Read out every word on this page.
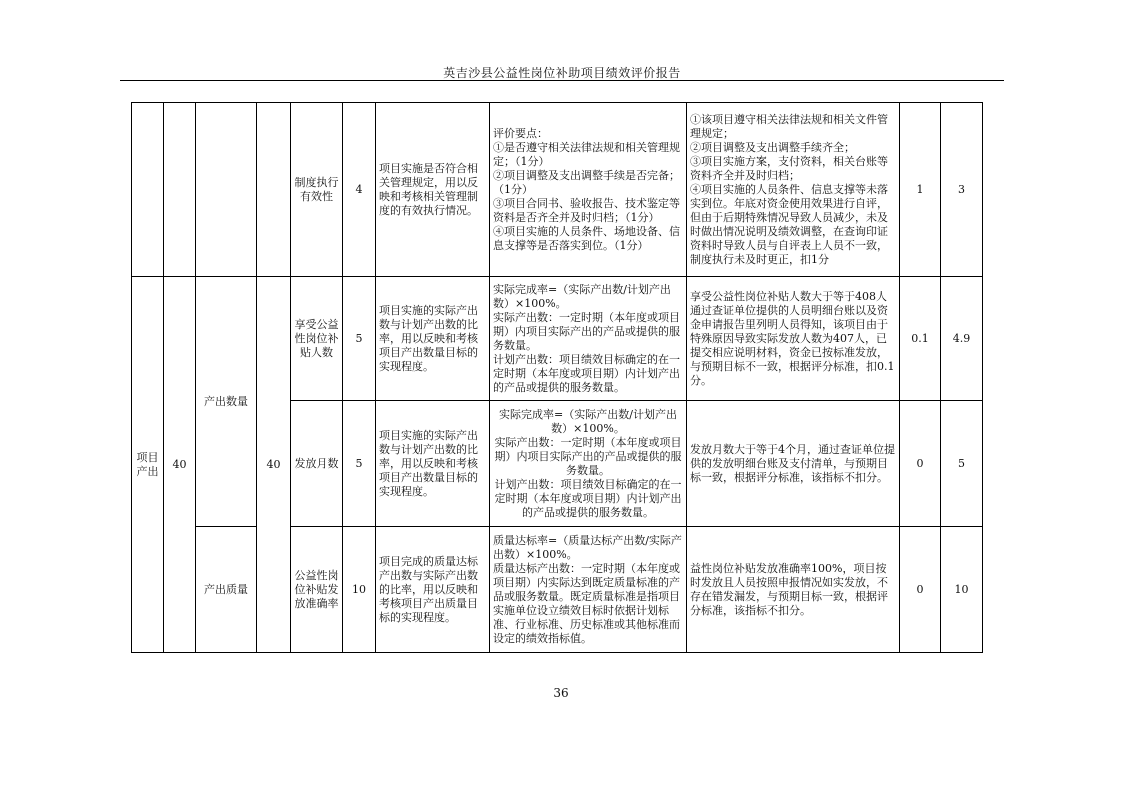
英吉沙县公益性岗位补助项目绩效评价报告
				制度执行有效性	4	项目实施是否符合相关管理规定，用以反映和考核相关管理制度的有效执行情况。	评价要点：
①是否遵守相关法律法规和相关管理规定；（1分）
②项目调整及支出调整手续是否完备；（1分）
③项目合同书、验收报告、技术鉴定等资料是否齐全并及时归档；（1分）
④项目实施的人员条件、场地设备、信息支撑等是否落实到位。（1分）	①该项目遵守相关法律法规和相关文件管理规定；
②项目调整及支出调整手续齐全；
③项目实施方案，支付资料，相关台账等资料齐全并及时归档；
④项目实施的人员条件、信息支撑等未落实到位。年底对资金使用效果进行自评，但由于后期特殊情况导致人员减少，未及时做出情况说明及绩效调整，在查询印证资料时导致人员与自评表上人员不一致，制度执行未及时更正，扣1分	1	3
项目产出	40	产出数量	40	享受公益性岗位补贴人数	5	项目实施的实际产出数与计划产出数的比率，用以反映和考核项目产出数量目标的实现程度。	实际完成率=（实际产出数/计划产出数）×100%。
实际产出数：一定时期（本年度或项目期）内项目实际产出的产品或提供的服务数量。
计划产出数：项目绩效目标确定的在一定时期（本年度或项目期）内计划产出的产品或提供的服务数量。	享受公益性岗位补贴人数大于等于408人通过查证单位提供的人员明细台账以及资金申请报告里列明人员得知，该项目由于特殊原因导致实际发放人数为407人，已提交相应说明材料，资金已按标准发放，与预期目标不一致，根据评分标准，扣0.1分。	0.1	4.9
				发放月数	5	项目实施的实际产出数与计划产出数的比率，用以反映和考核项目产出数量目标的实现程度。	实际完成率=（实际产出数/计划产出数）×100%。
实际产出数：一定时期（本年度或项目期）内项目实际产出的产品或提供的服务数量。
计划产出数：项目绩效目标确定的在一定时期（本年度或项目期）内计划产出的产品或提供的服务数量。	发放月数大于等于4个月，通过查证单位提供的发放明细台账及支付清单，与预期目标一致，根据评分标准，该指标不扣分。	0	5
		产出质量		公益性岗位补贴发放准确率	10	项目完成的质量达标产出数与实际产出数的比率，用以反映和考核项目产出质量目标的实现程度。	质量达标率=（质量达标产出数/实际产出数）×100%。
质量达标产出数：一定时期（本年度或项目期）内实际达到既定质量标准的产品或服务数量。既定质量标准是指项目实施单位设立绩效目标时依据计划标准、行业标准、历史标准或其他标准而设定的绩效指标值。	益性岗位补贴发放准确率100%，项目按时发放且人员按照申报情况如实发放，不存在错发漏发，与预期目标一致，根据评分标准，该指标不扣分。	0	10
36
